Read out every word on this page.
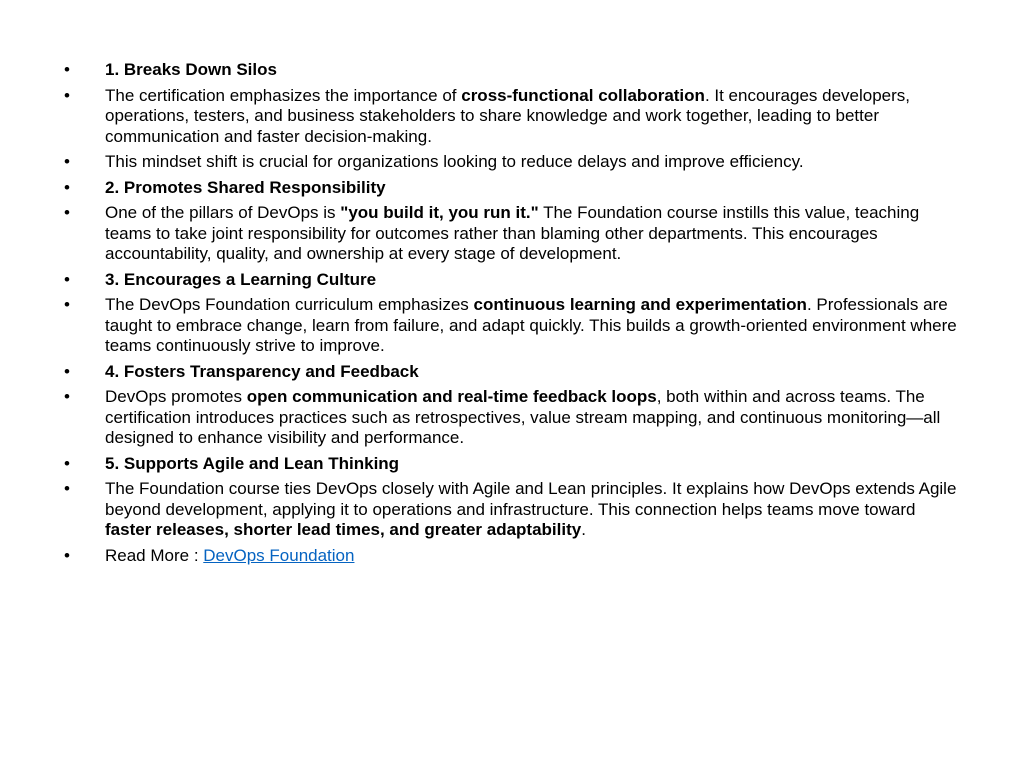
•	1. Breaks Down Silos
•	The certification emphasizes the importance of cross-functional collaboration. It encourages developers, operations, testers, and business stakeholders to share knowledge and work together, leading to better communication and faster decision-making.
•	This mindset shift is crucial for organizations looking to reduce delays and improve efficiency.
•	2. Promotes Shared Responsibility
•	One of the pillars of DevOps is "you build it, you run it." The Foundation course instills this value, teaching teams to take joint responsibility for outcomes rather than blaming other departments. This encourages accountability, quality, and ownership at every stage of development.
•	3. Encourages a Learning Culture
•	The DevOps Foundation curriculum emphasizes continuous learning and experimentation. Professionals are taught to embrace change, learn from failure, and adapt quickly. This builds a growth-oriented environment where teams continuously strive to improve.
•	4. Fosters Transparency and Feedback
•	DevOps promotes open communication and real-time feedback loops, both within and across teams. The certification introduces practices such as retrospectives, value stream mapping, and continuous monitoring—all designed to enhance visibility and performance.
•	5. Supports Agile and Lean Thinking
•	The Foundation course ties DevOps closely with Agile and Lean principles. It explains how DevOps extends Agile beyond development, applying it to operations and infrastructure. This connection helps teams move toward faster releases, shorter lead times, and greater adaptability.
•	Read More : DevOps Foundation
